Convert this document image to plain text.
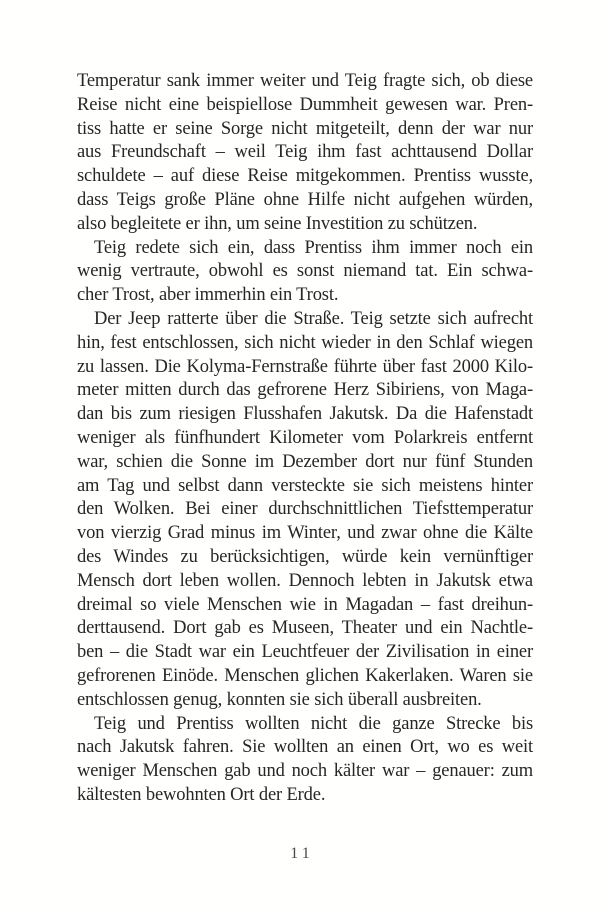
Temperatur sank immer weiter und Teig fragte sich, ob diese
Reise nicht eine beispiellose Dummheit gewesen war. Pren-
tiss hatte er seine Sorge nicht mitgeteilt, denn der war nur
aus Freundschaft – weil Teig ihm fast achttausend Dollar
schuldete – auf diese Reise mitgekommen. Prentiss wusste,
dass Teigs große Pläne ohne Hilfe nicht aufgehen würden,
also begleitete er ihn, um seine Investition zu schützen.

Teig redete sich ein, dass Prentiss ihm immer noch ein
wenig vertraute, obwohl es sonst niemand tat. Ein schwa-
cher Trost, aber immerhin ein Trost.

Der Jeep ratterte über die Straße. Teig setzte sich aufrecht
hin, fest entschlossen, sich nicht wieder in den Schlaf wiegen
zu lassen. Die Kolyma-Fernstraße führte über fast 2000 Kilo-
meter mitten durch das gefrorene Herz Sibiriens, von Maga-
dan bis zum riesigen Flusshafen Jakutsk. Da die Hafenstadt
weniger als fünfhundert Kilometer vom Polarkreis entfernt
war, schien die Sonne im Dezember dort nur fünf Stunden
am Tag und selbst dann versteckte sie sich meistens hinter
den Wolken. Bei einer durchschnittlichen Tiefsttemperatur
von vierzig Grad minus im Winter, und zwar ohne die Kälte
des Windes zu berücksichtigen, würde kein vernünftiger
Mensch dort leben wollen. Dennoch lebten in Jakutsk etwa
dreimal so viele Menschen wie in Magadan – fast dreihun-
derttausend. Dort gab es Museen, Theater und ein Nachtle-
ben – die Stadt war ein Leuchtfeuer der Zivilisation in einer
gefrorenen Einöde. Menschen glichen Kakerlaken. Waren sie
entschlossen genug, konnten sie sich überall ausbreiten.

Teig und Prentiss wollten nicht die ganze Strecke bis
nach Jakutsk fahren. Sie wollten an einen Ort, wo es weit
weniger Menschen gab und noch kälter war – genauer: zum
kältesten bewohnten Ort der Erde.

11
